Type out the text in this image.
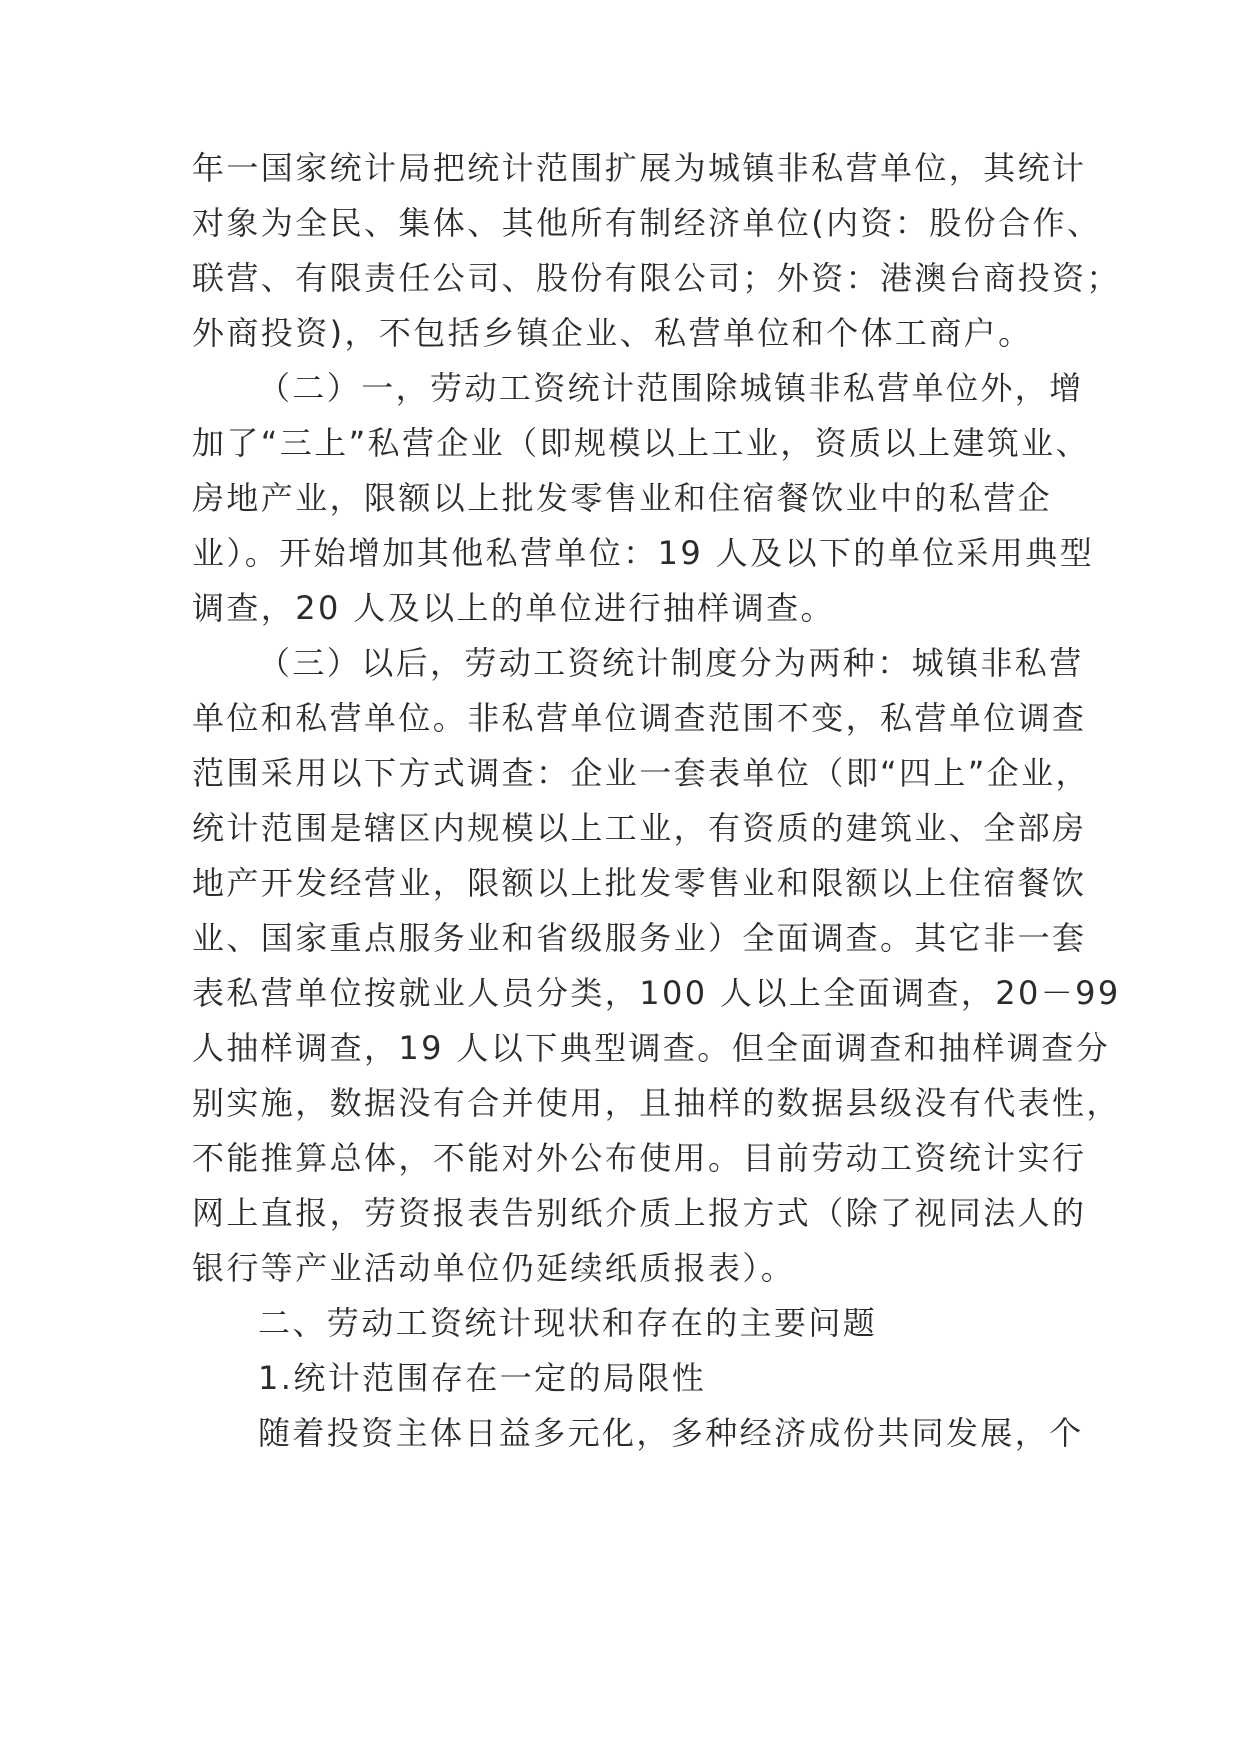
年一国家统计局把统计范围扩展为城镇非私营单位，其统计

对象为全民、集体、其他所有制经济单位(内资：股份合作、

联营、有限责任公司、股份有限公司；外资：港澳台商投资；

外商投资)，不包括乡镇企业、私营单位和个体工商户。

（二）一，劳动工资统计范围除城镇非私营单位外，增

加了“三上”私营企业（即规模以上工业，资质以上建筑业、

房地产业，限额以上批发零售业和住宿餐饮业中的私营企

业）。开始增加其他私营单位：19 人及以下的单位采用典型

调查，20 人及以上的单位进行抽样调查。

（三）以后，劳动工资统计制度分为两种：城镇非私营

单位和私营单位。非私营单位调查范围不变，私营单位调查

范围采用以下方式调查：企业一套表单位（即“四上”企业，

统计范围是辖区内规模以上工业，有资质的建筑业、全部房

地产开发经营业，限额以上批发零售业和限额以上住宿餐饮

业、国家重点服务业和省级服务业）全面调查。其它非一套

表私营单位按就业人员分类，100 人以上全面调查，20－99

人抽样调查，19 人以下典型调查。但全面调查和抽样调查分

别实施，数据没有合并使用，且抽样的数据县级没有代表性，

不能推算总体，不能对外公布使用。目前劳动工资统计实行

网上直报，劳资报表告别纸介质上报方式（除了视同法人的

银行等产业活动单位仍延续纸质报表）。

二、劳动工资统计现状和存在的主要问题

1.统计范围存在一定的局限性

随着投资主体日益多元化，多种经济成份共同发展，个
